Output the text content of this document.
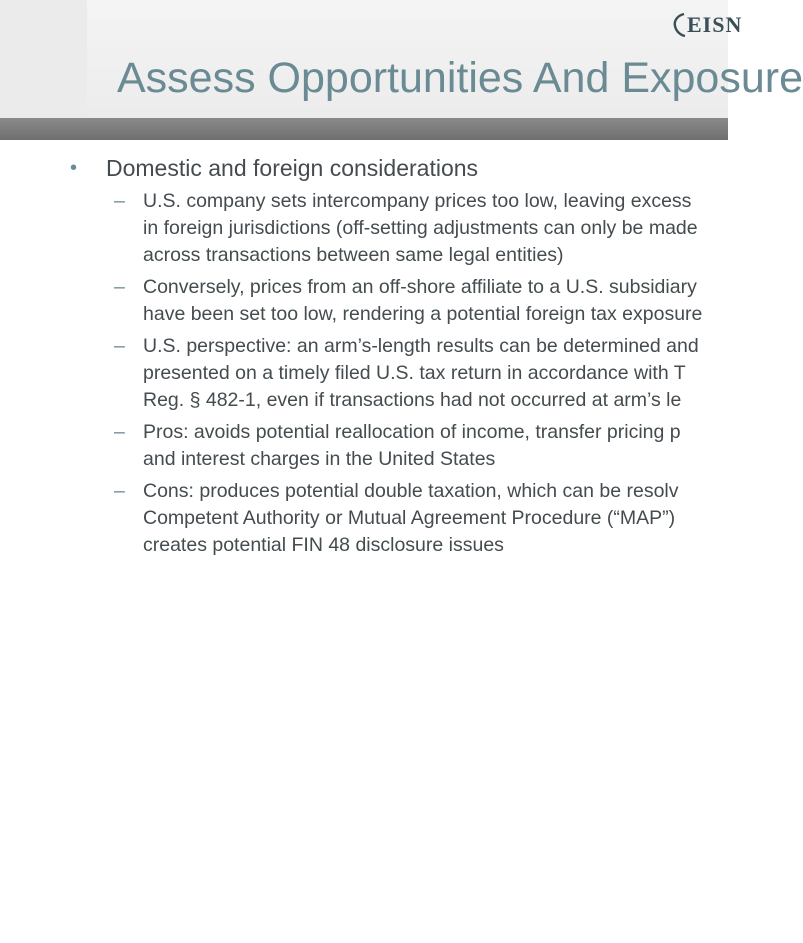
EISN
Assess Opportunities And Exposure
•	Domestic and foreign considerations
– U.S. company sets intercompany prices too low, leaving excess
in foreign jurisdictions (off-setting adjustments can only be made
across transactions between same legal entities)
– Conversely, prices from an off-shore affiliate to a U.S. subsidiary
have been set too low, rendering a potential foreign tax exposure
– U.S. perspective: an arm’s-length results can be determined and
presented on a timely filed U.S. tax return in accordance with T
Reg. § 482-1, even if transactions had not occurred at arm’s le
– Pros: avoids potential reallocation of income, transfer pricing p
and interest charges in the United States
– Cons: produces potential double taxation, which can be resolv
Competent Authority or Mutual Agreement Procedure (“MAP”)
creates potential FIN 48 disclosure issues
